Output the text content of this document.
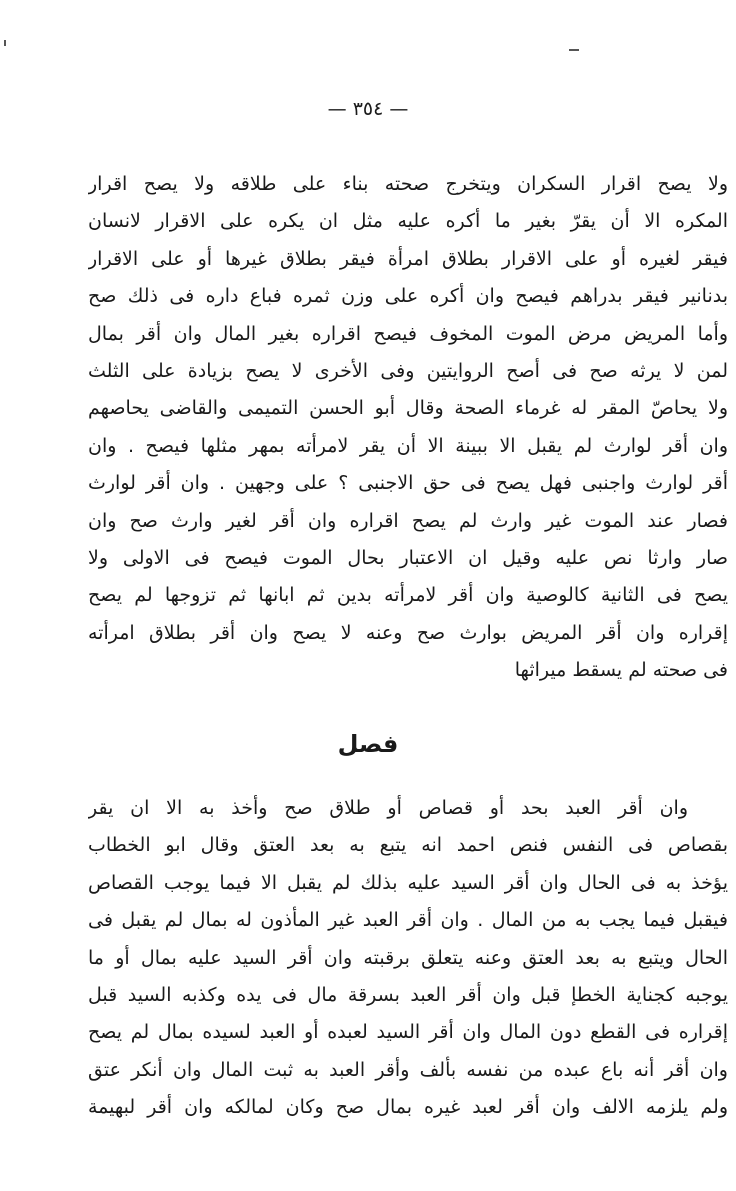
— ٣٥٤ —
ولا يصح اقرار السكران ويتخرج صحته بناء على طلاقه ولا يصح اقرار
المكره الا أن يقرّ بغير ما أكره عليه مثل ان يكره على الاقرار لانسان
فيقر لغيره أو على الاقرار بطلاق امرأة فيقر بطلاق غيرها أو على الاقرار
بدنانير فيقر بدراهم فيصح وان أكره على وزن ثمره فباع داره فى ذلك صح
وأما المريض مرض الموت المخوف فيصح اقراره بغير المال وان أقر بمال
لمن لا يرثه صح فى أصح الروايتين وفى الأخرى لا يصح بزيادة على الثلث
ولا يحاصّ المقر له غرماء الصحة وقال أبو الحسن التميمى والقاضى يحاصهم
وان أقر لوارث لم يقبل الا ببينة الا أن يقر لامرأته بمهر مثلها فيصح . وان
أقر لوارث واجنبى فهل يصح فى حق الاجنبى ؟ على وجهين . وان أقر لوارث
فصار عند الموت غير وارث لم يصح اقراره وان أقر لغير وارث صح وان
صار وارثا نص عليه وقيل ان الاعتبار بحال الموت فيصح فى الاولى ولا
يصح فى الثانية كالوصية وان أقر لامرأته بدين ثم ابانها ثم تزوجها لم يصح
إقراره وان أقر المريض بوارث صح وعنه لا يصح وان أقر بطلاق امرأته
فى صحته لم يسقط ميراثها
فصل
وان أقر العبد بحد أو قصاص أو طلاق صح وأخذ به الا ان يقر
بقصاص فى النفس فنص احمد انه يتبع به بعد العتق وقال ابو الخطاب
يؤخذ به فى الحال وان أقر السيد عليه بذلك لم يقبل الا فيما يوجب القصاص
فيقبل فيما يجب به من المال . وان أقر العبد غير المأذون له بمال لم يقبل فى
الحال ويتبع به بعد العتق وعنه يتعلق برقبته وان أقر السيد عليه بمال أو ما
يوجبه كجناية الخطإ قبل وان أقر العبد بسرقة مال فى يده وكذبه السيد قبل
إقراره فى القطع دون المال وان أقر السيد لعبده أو العبد لسيده بمال لم يصح
وان أقر أنه باع عبده من نفسه بألف وأقر العبد به ثبت المال وان أنكر عتق
ولم يلزمه الالف وان أقر لعبد غيره بمال صح وكان لمالكه وان أقر لبهيمة
